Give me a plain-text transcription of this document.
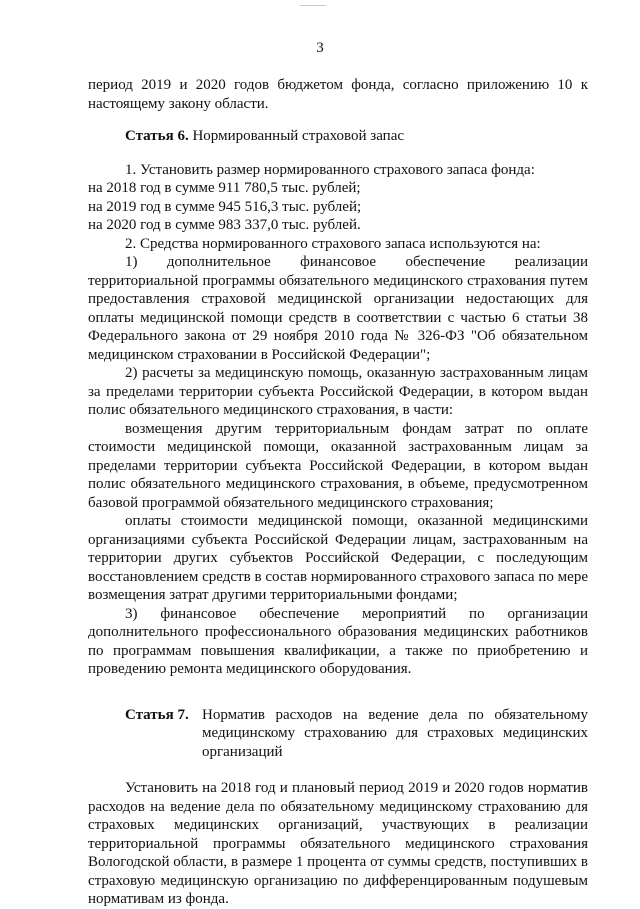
3

период 2019 и 2020 годов бюджетом фонда, согласно приложению 10 к настоящему закону области.

Статья 6. Нормированный страховой запас

1. Установить размер нормированного страхового запаса фонда:

на 2018 год в сумме 911 780,5 тыс. рублей;

на 2019 год в сумме 945 516,3 тыс. рублей;

на 2020 год в сумме 983 337,0 тыс. рублей.

2. Средства нормированного страхового запаса используются на:

1) дополнительное финансовое обеспечение реализации территориальной программы обязательного медицинского страхования путем предоставления страховой медицинской организации недостающих для оплаты медицинской помощи средств в соответствии с частью 6 статьи 38 Федерального закона от 29 ноября 2010 года № 326-ФЗ "Об обязательном медицинском страховании в Российской Федерации";

2) расчеты за медицинскую помощь, оказанную застрахованным лицам за пределами территории субъекта Российской Федерации, в котором выдан полис обязательного медицинского страхования, в части:

возмещения другим территориальным фондам затрат по оплате стоимости медицинской помощи, оказанной застрахованным лицам за пределами территории субъекта Российской Федерации, в котором выдан полис обязательного медицинского страхования, в объеме, предусмотренном базовой программой обязательного медицинского страхования;

оплаты стоимости медицинской помощи, оказанной медицинскими организациями субъекта Российской Федерации лицам, застрахованным на территории других субъектов Российской Федерации, с последующим восстановлением средств в состав нормированного страхового запаса по мере возмещения затрат другими территориальными фондами;

3) финансовое обеспечение мероприятий по организации дополнительного профессионального образования медицинских работников по программам повышения квалификации, а также по приобретению и проведению ремонта медицинского оборудования.

Статья 7. Норматив расходов на ведение дела по обязательному медицинскому страхованию для страховых медицинских организаций

Установить на 2018 год и плановый период 2019 и 2020 годов норматив расходов на ведение дела по обязательному медицинскому страхованию для страховых медицинских организаций, участвующих в реализации территориальной программы обязательного медицинского страхования Вологодской области, в размере 1 процента от суммы средств, поступивших в страховую медицинскую организацию по дифференцированным подушевым нормативам из фонда.
